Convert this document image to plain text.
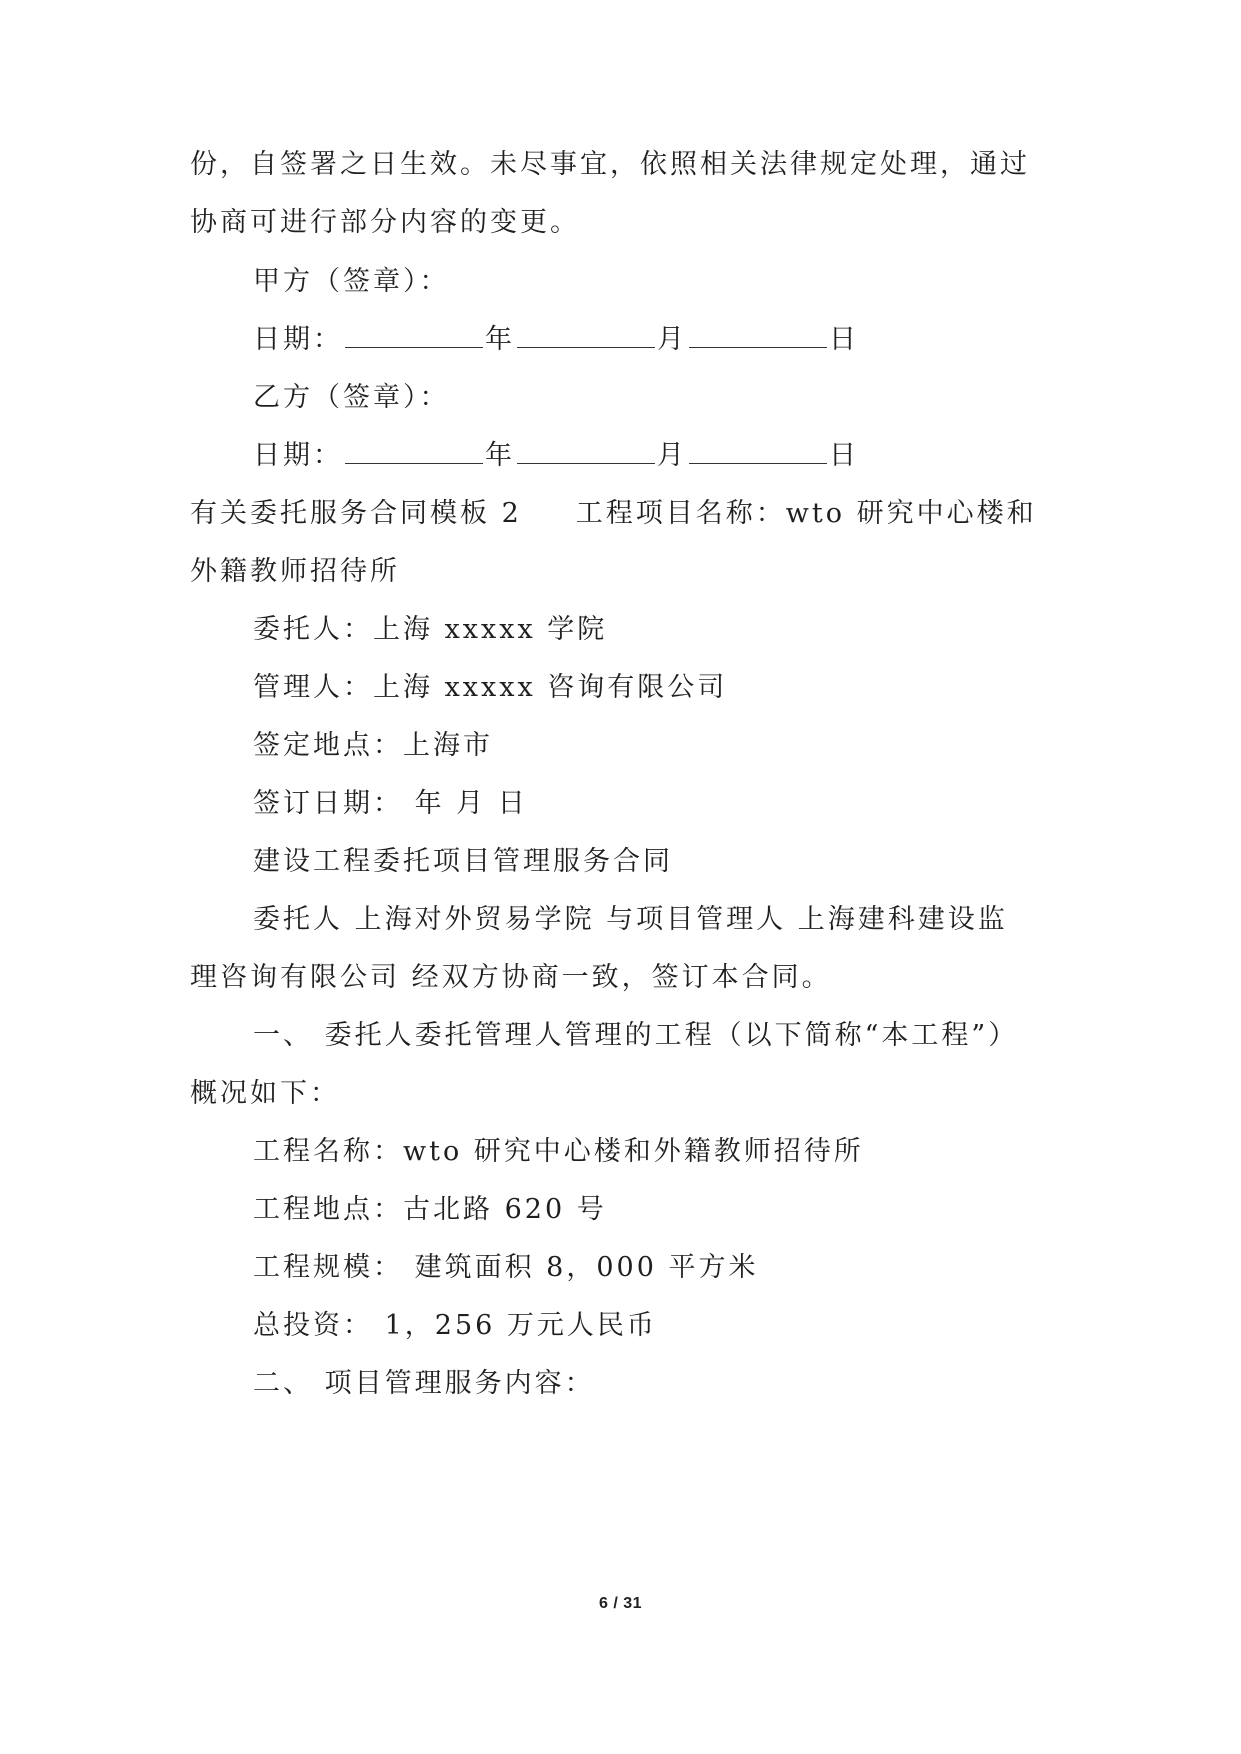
份，自签署之日生效。未尽事宜，依照相关法律规定处理，通过
协商可进行部分内容的变更。
甲方（签章）：
日期：	年	月	日
乙方（签章）：
日期：	年	月	日
有关委托服务合同模板 2 工程项目名称：wto 研究中心楼和
外籍教师招待所
委托人：上海 xxxxx 学院
管理人：上海 xxxxx 咨询有限公司
签定地点：上海市
签订日期： 年 月 日
建设工程委托项目管理服务合同
委托人 上海对外贸易学院 与项目管理人 上海建科建设监
理咨询有限公司 经双方协商一致，签订本合同。
一、 委托人委托管理人管理的工程（以下简称“本工程”）
概况如下：
工程名称：wto 研究中心楼和外籍教师招待所
工程地点：古北路 620 号
工程规模： 建筑面积 8，000 平方米
总投资： 1，256 万元人民币
二、 项目管理服务内容：
6 / 31
